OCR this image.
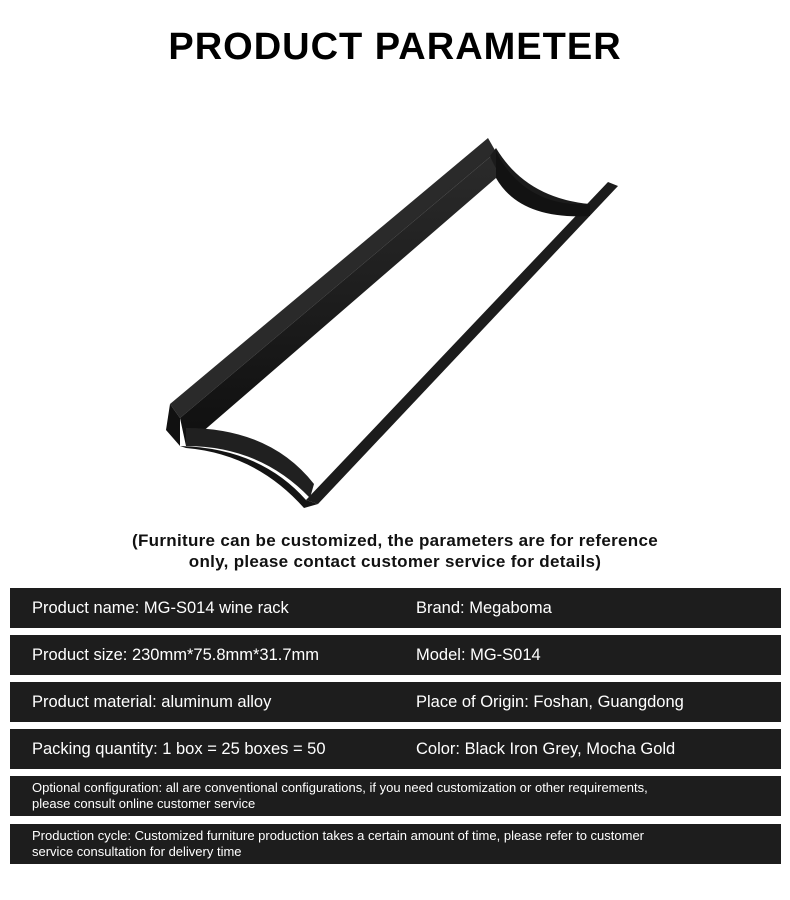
PRODUCT PARAMETER
(Furniture can be customized, the parameters are for reference
only, please contact customer service for details)
Product name: MG-S014 wine rack	Brand: Megaboma
Product size: 230mm*75.8mm*31.7mm	Model: MG-S014
Product material: aluminum alloy	Place of Origin: Foshan, Guangdong
Packing quantity: 1 box = 25 boxes = 50	Color: Black Iron Grey, Mocha Gold
Optional configuration: all are conventional configurations, if you need customization or other requirements,
please consult online customer service
Production cycle: Customized furniture production takes a certain amount of time, please refer to customer
service consultation for delivery time
